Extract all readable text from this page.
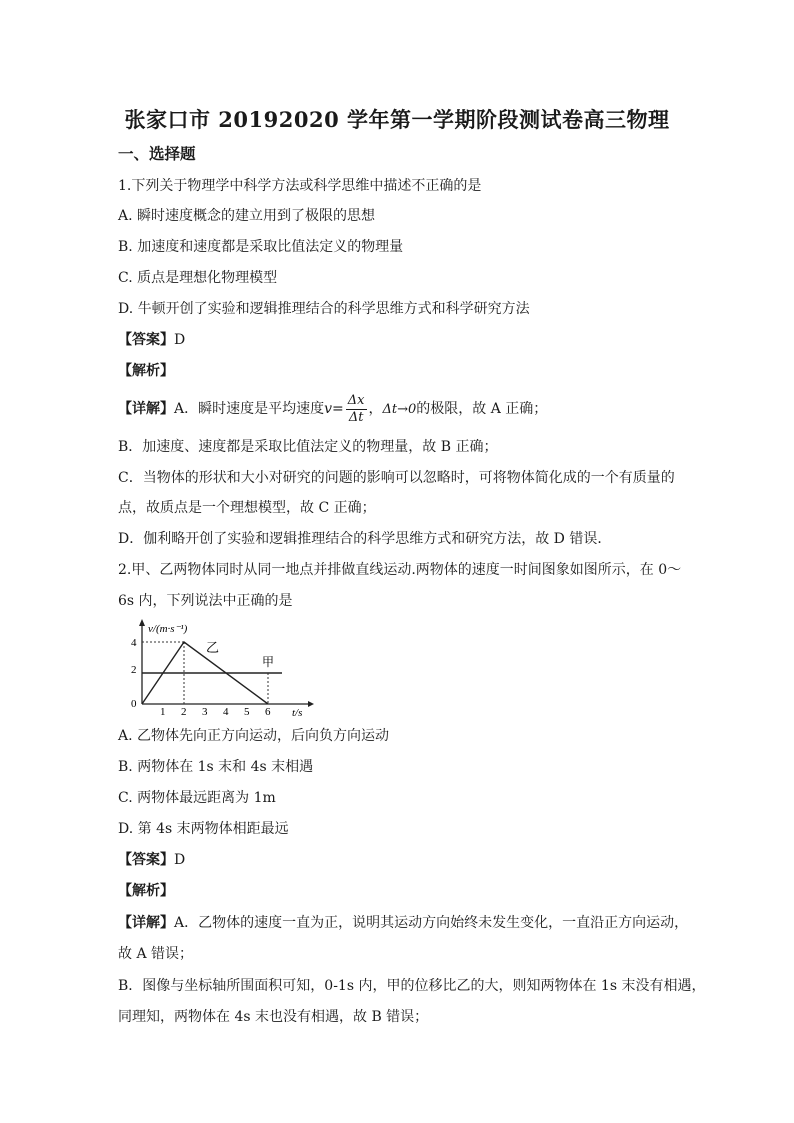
张家口市 20192020 学年第一学期阶段测试卷高三物理
一、选择题
1.下列关于物理学中科学方法或科学思维中描述不正确的是
A. 瞬时速度概念的建立用到了极限的思想
B. 加速度和速度都是采取比值法定义的物理量
C. 质点是理想化物理模型
D. 牛顿开创了实验和逻辑推理结合的科学思维方式和科学研究方法
【答案】D
【解析】
【详解】A．瞬时速度是平均速度$v= \frac{\Delta x}{\Delta t}$ ，Δt→0的极限，故 A 正确；
B．加速度、速度都是采取比值法定义的物理量，故 B 正确；
C．当物体的形状和大小对研究的问题的影响可以忽略时，可将物体简化成的一个有质量的
点，故质点是一个理想模型，故 C 正确；
D．伽利略开创了实验和逻辑推理结合的科学思维方式和研究方法，故 D 错误．
2.甲、乙两物体同时从同一地点并排做直线运动.两物体的速度一时间图象如图所示，在 0～
6s 内，下列说法中正确的是
v/(m·s⁻¹)
t/s
0
4
2
1 2 3 4 5 6
乙
甲
A. 乙物体先向正方向运动，后向负方向运动
B. 两物体在 1s 末和 4s 末相遇
C. 两物体最远距离为 1m
D. 第 4s 末两物体相距最远
【答案】D
【解析】
【详解】A．乙物体的速度一直为正，说明其运动方向始终未发生变化，一直沿正方向运动，
故 A 错误；
B．图像与坐标轴所围面积可知，0-1s 内，甲的位移比乙的大，则知两物体在 1s 末没有相遇，
同理知，两物体在 4s 末也没有相遇，故 B 错误；
